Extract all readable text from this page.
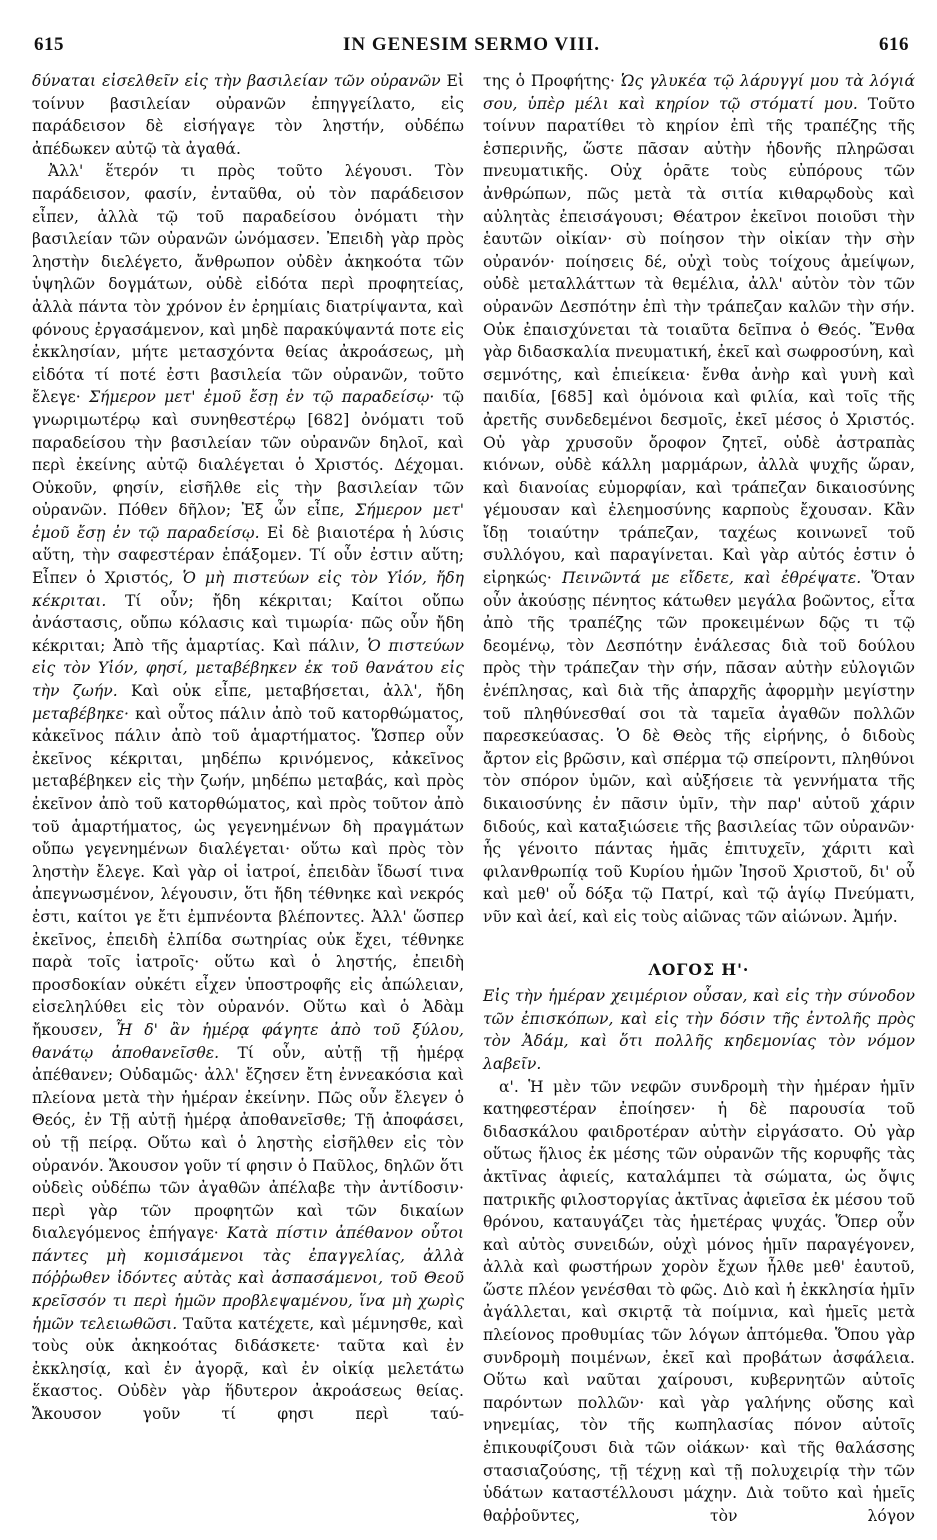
615	IN GENESIM SERMO VIII.	616

δύναται εἰσελθεῖν εἰς τὴν βασιλείαν τῶν οὐρανῶν Εἰ τοίνυν βασιλείαν οὐρανῶν ἐπηγγείλατο, εἰς παράδεισον δὲ εἰσήγαγε τὸν ληστήν, οὐδέπω ἀπέδωκεν αὐτῷ τὰ ἀγαθά.

Ἀλλ' ἕτερόν τι πρὸς τοῦτο λέγουσι. Τὸν παράδεισον, φασίν, ἐνταῦθα, οὐ τὸν παράδεισον εἶπεν, ἀλλὰ τῷ τοῦ παραδείσου ὀνόματι τὴν βασιλείαν τῶν οὐρανῶν ὠνόμασεν. Ἐπειδὴ γὰρ πρὸς ληστὴν διελέγετο, ἄνθρωπον οὐδὲν ἀκηκοότα τῶν ὑψηλῶν δογμάτων, οὐδὲ εἰδότα περὶ προφητείας, ἀλλὰ πάντα τὸν χρόνον ἐν ἐρημίαις διατρίψαντα, καὶ φόνους ἐργασάμενον, καὶ μηδὲ παρακύψαντά ποτε εἰς ἐκκλησίαν, μήτε μετασχόντα θείας ἀκροάσεως, μὴ εἰδότα τί ποτέ ἐστι βασιλεία τῶν οὐρανῶν, τοῦτο ἔλεγε· Σήμερον μετ' ἐμοῦ ἔσῃ ἐν τῷ παραδείσῳ· τῷ γνωριμωτέρῳ καὶ συνηθεστέρῳ [682] ὀνόματι τοῦ παραδείσου τὴν βασιλείαν τῶν οὐρανῶν δηλοῖ, καὶ περὶ ἐκείνης αὐτῷ διαλέγεται ὁ Χριστός. Δέχομαι. Οὐκοῦν, φησίν, εἰσῆλθε εἰς τὴν βασιλείαν τῶν οὐρανῶν. Πόθεν δῆλον; Ἐξ ὧν εἶπε, Σήμερον μετ' ἐμοῦ ἔσῃ ἐν τῷ παραδείσῳ. Εἰ δὲ βιαιοτέρα ἡ λύσις αὕτη, τὴν σαφεστέραν ἐπάξομεν. Τί οὖν ἐστιν αὕτη; Εἶπεν ὁ Χριστός, Ὁ μὴ πιστεύων εἰς τὸν Υἱόν, ἤδη κέκριται. Τί οὖν; ἤδη κέκριται; Καίτοι οὔπω ἀνάστασις, οὔπω κόλασις καὶ τιμωρία· πῶς οὖν ἤδη κέκριται; Ἀπὸ τῆς ἁμαρτίας. Καὶ πάλιν, Ὁ πιστεύων εἰς τὸν Υἱόν, φησί, μεταβέβηκεν ἐκ τοῦ θανάτου εἰς τὴν ζωήν. Καὶ οὐκ εἶπε, μεταβήσεται, ἀλλ', ἤδη μεταβέβηκε· καὶ οὗτος πάλιν ἀπὸ τοῦ κατορθώματος, κἀκεῖνος πάλιν ἀπὸ τοῦ ἁμαρτήματος. Ὥσπερ οὖν ἐκεῖνος κέκριται, μηδέπω κρινόμενος, κἀκεῖνος μεταβέβηκεν εἰς τὴν ζωήν, μηδέπω μεταβάς, καὶ πρὸς ἐκεῖνον ἀπὸ τοῦ κατορθώματος, καὶ πρὸς τοῦτον ἀπὸ τοῦ ἁμαρτήματος, ὡς γεγενημένων δὴ πραγμάτων οὔπω γεγενημένων διαλέγεται· οὕτω καὶ πρὸς τὸν ληστὴν ἔλεγε. Καὶ γὰρ οἱ ἰατροί, ἐπειδὰν ἴδωσί τινα ἀπεγνωσμένον, λέγουσιν, ὅτι ἤδη τέθνηκε καὶ νεκρός ἐστι, καίτοι γε ἔτι ἐμπνέοντα βλέποντες. Ἀλλ' ὥσπερ ἐκεῖνος, ἐπειδὴ ἐλπίδα σωτηρίας οὐκ ἔχει, τέθνηκε παρὰ τοῖς ἰατροῖς· οὕτω καὶ ὁ ληστής, ἐπειδὴ προσδοκίαν οὐκέτι εἶχεν ὑποστροφῆς εἰς ἀπώλειαν, εἰσεληλύθει εἰς τὸν οὐρανόν. Οὕτω καὶ ὁ Ἀδὰμ ἤκουσεν, Ἧ δ' ἂν ἡμέρᾳ φάγητε ἀπὸ τοῦ ξύλου, θανάτῳ ἀποθανεῖσθε. Τί οὖν, αὐτῇ τῇ ἡμέρᾳ ἀπέθανεν; Οὐδαμῶς· ἀλλ' ἔζησεν ἔτη ἐννεακόσια καὶ πλείονα μετὰ τὴν ἡμέραν ἐκείνην. Πῶς οὖν ἔλεγεν ὁ Θεός, ἐν Τῇ αὐτῇ ἡμέρᾳ ἀποθανεῖσθε; Τῇ ἀποφάσει, οὐ τῇ πείρᾳ. Οὕτω καὶ ὁ ληστὴς εἰσῆλθεν εἰς τὸν οὐρανόν. Ἄκουσον γοῦν τί φησιν ὁ Παῦλος, δηλῶν ὅτι οὐδεὶς οὐδέπω τῶν ἀγαθῶν ἀπέλαβε τὴν ἀντίδοσιν· περὶ γὰρ τῶν προφητῶν καὶ τῶν δικαίων διαλεγόμενος ἐπήγαγε· Κατὰ πίστιν ἀπέθανον οὗτοι πάντες μὴ κομισάμενοι τὰς ἐπαγγελίας, ἀλλὰ πόῤῥωθεν ἰδόντες αὐτὰς καὶ ἀσπασάμενοι, τοῦ Θεοῦ κρεῖσσόν τι περὶ ἡμῶν προβλεψαμένου, ἵνα μὴ χωρὶς ἡμῶν τελειωθῶσι. Ταῦτα κατέχετε, καὶ μέμνησθε, καὶ τοὺς οὐκ ἀκηκοότας διδάσκετε· ταῦτα καὶ ἐν ἐκκλησίᾳ, καὶ ἐν ἀγορᾷ, καὶ ἐν οἰκίᾳ μελετάτω ἕκαστος. Οὐδὲν γὰρ ἥδυτερον ἀκροάσεως θείας. Ἄκουσον γοῦν τί φησι περὶ ταύ-

της ὁ Προφήτης· Ὡς γλυκέα τῷ λάρυγγί μου τὰ λόγιά σου, ὑπὲρ μέλι καὶ κηρίον τῷ στόματί μου. Τοῦτο τοίνυν παρατίθει τὸ κηρίον ἐπὶ τῆς τραπέζης τῆς ἑσπερινῆς, ὥστε πᾶσαν αὐτὴν ἡδονῆς πληρῶσαι πνευματικῆς. Οὐχ ὁρᾶτε τοὺς εὐπόρους τῶν ἀνθρώπων, πῶς μετὰ τὰ σιτία κιθαρῳδοὺς καὶ αὐλητὰς ἐπεισάγουσι; Θέατρον ἐκεῖνοι ποιοῦσι τὴν ἑαυτῶν οἰκίαν· σὺ ποίησον τὴν οἰκίαν τὴν σὴν οὐρανόν· ποίησεις δέ, οὐχὶ τοὺς τοίχους ἀμείψων, οὐδὲ μεταλλάττων τὰ θεμέλια, ἀλλ' αὐτὸν τὸν τῶν οὐρανῶν Δεσπότην ἐπὶ τὴν τράπεζαν καλῶν τὴν σήν. Οὐκ ἐπαισχύνεται τὰ τοιαῦτα δεῖπνα ὁ Θεός. Ἔνθα γὰρ διδασκαλία πνευματική, ἐκεῖ καὶ σωφροσύνη, καὶ σεμνότης, καὶ ἐπιείκεια· ἔνθα ἀνὴρ καὶ γυνὴ καὶ παιδία, [685] καὶ ὁμόνοια καὶ φιλία, καὶ τοῖς τῆς ἀρετῆς συνδεδεμένοι δεσμοῖς, ἐκεῖ μέσος ὁ Χριστός. Οὐ γὰρ χρυσοῦν ὄροφον ζητεῖ, οὐδὲ ἀστραπὰς κιόνων, οὐδὲ κάλλη μαρμάρων, ἀλλὰ ψυχῆς ὥραν, καὶ διανοίας εὐμορφίαν, καὶ τράπεζαν δικαιοσύνης γέμουσαν καὶ ἐλεημοσύνης καρποὺς ἔχουσαν. Κἂν ἴδῃ τοιαύτην τράπεζαν, ταχέως κοινωνεῖ τοῦ συλλόγου, καὶ παραγίνεται. Καὶ γὰρ αὐτός ἐστιν ὁ εἰρηκώς· Πεινῶντά με εἴδετε, καὶ ἐθρέψατε. Ὅταν οὖν ἀκούσῃς πένητος κάτωθεν μεγάλα βοῶντος, εἶτα ἀπὸ τῆς τραπέζης τῶν προκειμένων δῷς τι τῷ δεομένῳ, τὸν Δεσπότην ἐνάλεσας διὰ τοῦ δούλου πρὸς τὴν τράπεζαν τὴν σήν, πᾶσαν αὐτὴν εὐλογιῶν ἐνέπλησας, καὶ διὰ τῆς ἀπαρχῆς ἀφορμὴν μεγίστην τοῦ πληθύνεσθαί σοι τὰ ταμεῖα ἀγαθῶν πολλῶν παρεσκεύασας. Ὁ δὲ Θεὸς τῆς εἰρήνης, ὁ διδοὺς ἄρτον εἰς βρῶσιν, καὶ σπέρμα τῷ σπείροντι, πληθύνοι τὸν σπόρον ὑμῶν, καὶ αὐξήσειε τὰ γεννήματα τῆς δικαιοσύνης ἐν πᾶσιν ὑμῖν, τὴν παρ' αὐτοῦ χάριν διδούς, καὶ καταξιώσειε τῆς βασιλείας τῶν οὐρανῶν· ἧς γένοιτο πάντας ἡμᾶς ἐπιτυχεῖν, χάριτι καὶ φιλανθρωπίᾳ τοῦ Κυρίου ἡμῶν Ἰησοῦ Χριστοῦ, δι' οὗ καὶ μεθ' οὗ δόξα τῷ Πατρί, καὶ τῷ ἁγίῳ Πνεύματι, νῦν καὶ ἀεί, καὶ εἰς τοὺς αἰῶνας τῶν αἰώνων. Ἀμήν.

ΛΟΓΟΣ Η'·

Εἰς τὴν ἡμέραν χειμέριον οὖσαν, καὶ εἰς τὴν σύνοδον τῶν ἐπισκόπων, καὶ εἰς τὴν δόσιν τῆς ἐντολῆς πρὸς τὸν Ἀδάμ, καὶ ὅτι πολλῆς κηδεμονίας τὸν νόμον λαβεῖν.

α'. Ἡ μὲν τῶν νεφῶν συνδρομὴ τὴν ἡμέραν ἡμῖν κατηφεστέραν ἐποίησεν· ἡ δὲ παρουσία τοῦ διδασκάλου φαιδροτέραν αὐτὴν εἰργάσατο. Οὐ γὰρ οὕτως ἥλιος ἐκ μέσης τῶν οὐρανῶν τῆς κορυφῆς τὰς ἀκτῖνας ἀφιείς, καταλάμπει τὰ σώματα, ὡς ὄψις πατρικῆς φιλοστοργίας ἀκτῖνας ἀφιεῖσα ἐκ μέσου τοῦ θρόνου, καταυγάζει τὰς ἡμετέρας ψυχάς. Ὅπερ οὖν καὶ αὐτὸς συνειδών, οὐχὶ μόνος ἡμῖν παραγέγονεν, ἀλλὰ καὶ φωστήρων χορὸν ἔχων ἦλθε μεθ' ἑαυτοῦ, ὥστε πλέον γενέσθαι τὸ φῶς. Διὸ καὶ ἡ ἐκκλησία ἡμῖν ἀγάλλεται, καὶ σκιρτᾷ τὰ ποίμνια, καὶ ἡμεῖς μετὰ πλείονος προθυμίας τῶν λόγων ἁπτόμεθα. Ὅπου γὰρ συνδρομὴ ποιμένων, ἐκεῖ καὶ προβάτων ἀσφάλεια. Οὕτω καὶ ναῦται χαίρουσι, κυβερνητῶν αὐτοῖς παρόντων πολλῶν· καὶ γὰρ γαλήνης οὔσης καὶ νηνεμίας, τὸν τῆς κωπηλασίας πόνον αὐτοῖς ἐπικουφίζουσι διὰ τῶν οἰάκων· καὶ τῆς θαλάσσης στασιαζούσης, τῇ τέχνῃ καὶ τῇ πολυχειρίᾳ τὴν τῶν ὑδάτων καταστέλλουσι μάχην. Διὰ τοῦτο καὶ ἡμεῖς θαῤῥοῦντες, τὸν λόγον
